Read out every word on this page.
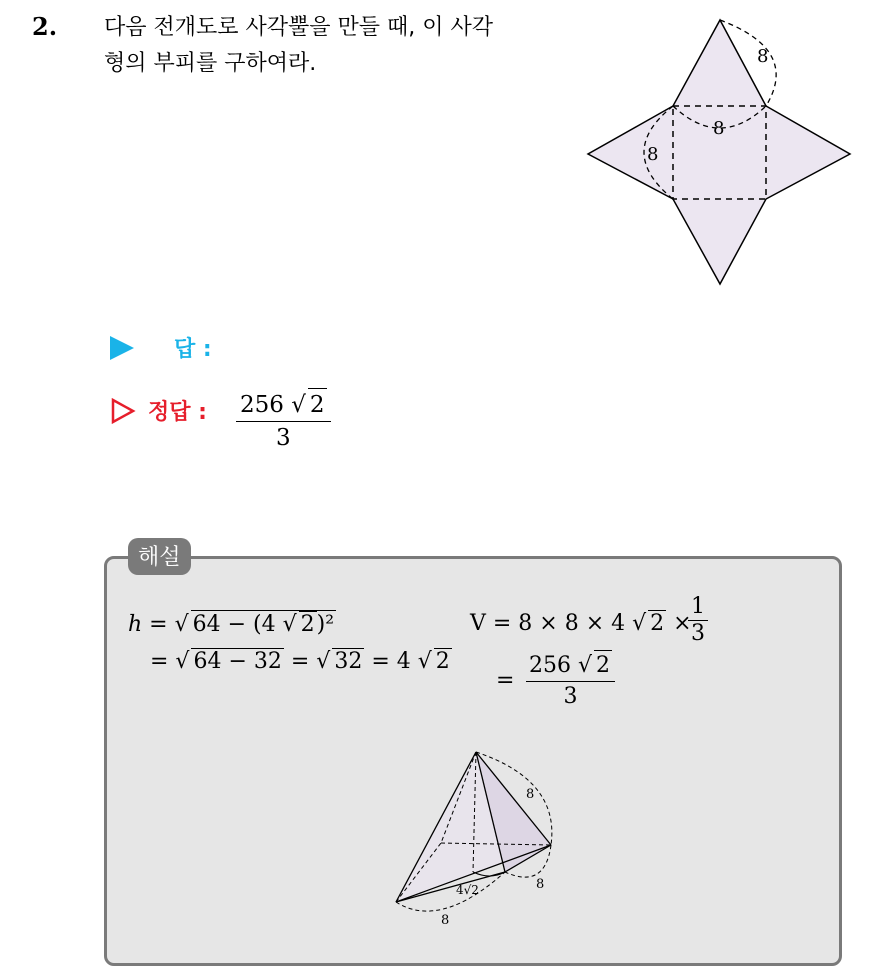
2. 다음 전개도로 사각뿔을 만들 때, 이 사각
형의 부피를 구하여라.	8
8
8
답 :
정답 : $\frac{256 √ 2}{3}$
해설
h = √ 64 − (4 √ 2)²
= √ 64 − 32 = √ 32 = 4 √ 2
V = 8 × 8 × 4 √ 2 ×
1
3
=
256 √ 2
3
8
4√2	8
8
